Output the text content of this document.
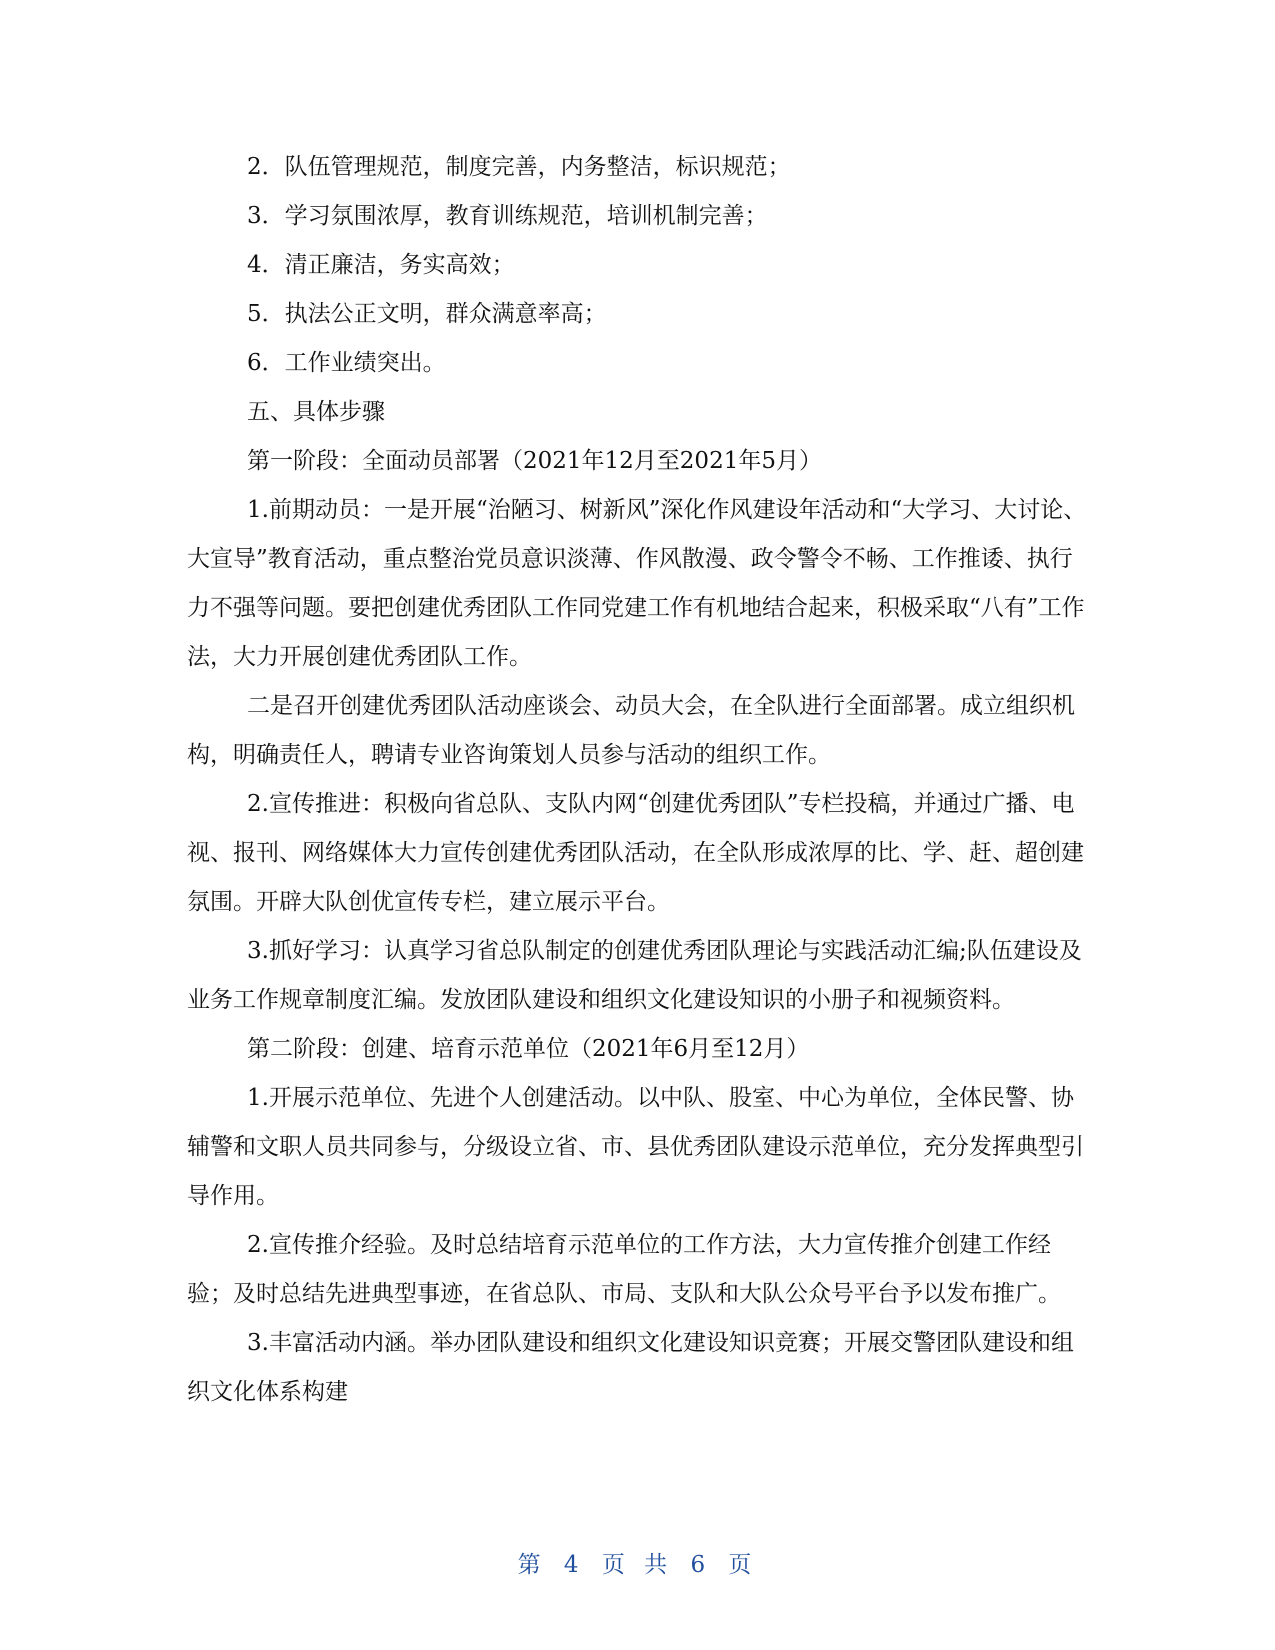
2．队伍管理规范，制度完善，内务整洁，标识规范；

3．学习氛围浓厚，教育训练规范，培训机制完善；

4．清正廉洁，务实高效；

5．执法公正文明，群众满意率高；

6．工作业绩突出。

五、具体步骤

第一阶段：全面动员部署（2021年12月至2021年5月）

1.前期动员：一是开展“治陋习、树新风”深化作风建设年活动和“大学习、大讨论、大宣导”教育活动，重点整治党员意识淡薄、作风散漫、政令警令不畅、工作推诿、执行力不强等问题。要把创建优秀团队工作同党建工作有机地结合起来，积极采取“八有”工作法，大力开展创建优秀团队工作。

二是召开创建优秀团队活动座谈会、动员大会，在全队进行全面部署。成立组织机构，明确责任人，聘请专业咨询策划人员参与活动的组织工作。

2.宣传推进：积极向省总队、支队内网“创建优秀团队”专栏投稿，并通过广播、电视、报刊、网络媒体大力宣传创建优秀团队活动，在全队形成浓厚的比、学、赶、超创建氛围。开辟大队创优宣传专栏，建立展示平台。

3.抓好学习：认真学习省总队制定的创建优秀团队理论与实践活动汇编;队伍建设及业务工作规章制度汇编。发放团队建设和组织文化建设知识的小册子和视频资料。

第二阶段：创建、培育示范单位（2021年6月至12月）

1.开展示范单位、先进个人创建活动。以中队、股室、中心为单位，全体民警、协辅警和文职人员共同参与，分级设立省、市、县优秀团队建设示范单位，充分发挥典型引导作用。

2.宣传推介经验。及时总结培育示范单位的工作方法，大力宣传推介创建工作经验；及时总结先进典型事迹，在省总队、市局、支队和大队公众号平台予以发布推广。

3.丰富活动内涵。举办团队建设和组织文化建设知识竞赛；开展交警团队建设和组织文化体系构建

第 4 页 共 6 页
